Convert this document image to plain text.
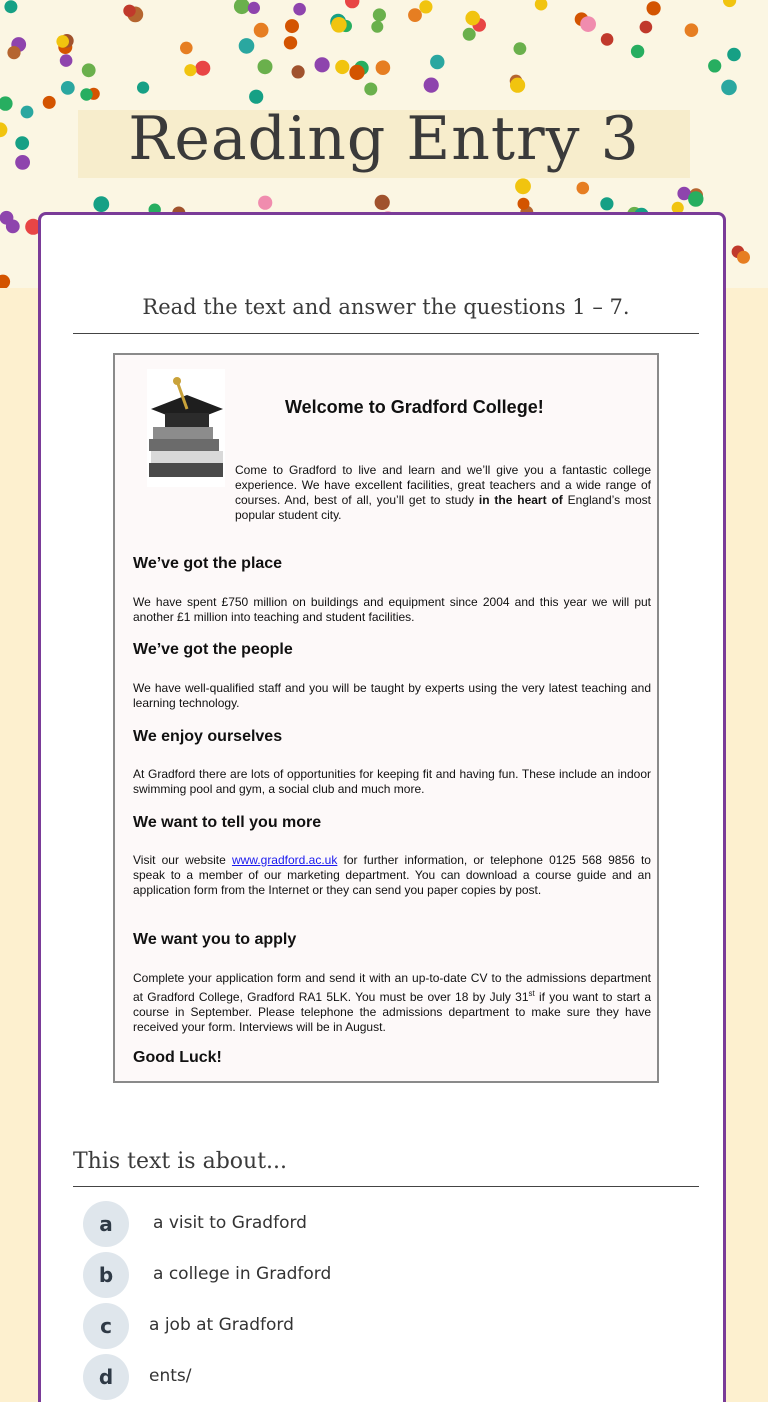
Reading Entry 3

Read the text and answer the questions 1 – 7.

Welcome to Gradford College!

Come to Gradford to live and learn and we’ll give you a fantastic college experience. We have excellent facilities, great teachers and a wide range of courses. And, best of all, you’ll get to study in the heart of England’s most popular student city.

We’ve got the place

We have spent £750 million on buildings and equipment since 2004 and this year we will put another £1 million into teaching and student facilities.

We’ve got the people

We have well-qualified staff and you will be taught by experts using the very latest teaching and learning technology.

We enjoy ourselves

At Gradford there are lots of opportunities for keeping fit and having fun. These include an indoor swimming pool and gym, a social club and much more.

We want to tell you more

Visit our website www.gradford.ac.uk for further information, or telephone 0125 568 9856 to speak to a member of our marketing department. You can download a course guide and an application form from the Internet or they can send you paper copies by post.

We want you to apply

Complete your application form and send it with an up-to-date CV to the admissions department at Gradford College, Gradford RA1 5LK. You must be over 18 by July 31st if you want to start a course in September. Please telephone the admissions department to make sure they have received your form. Interviews will be in August.

Good Luck!

This text is about...

a	a visit to Gradford
b	a college in Gradford
c	a job at Gradford
d	ents/
